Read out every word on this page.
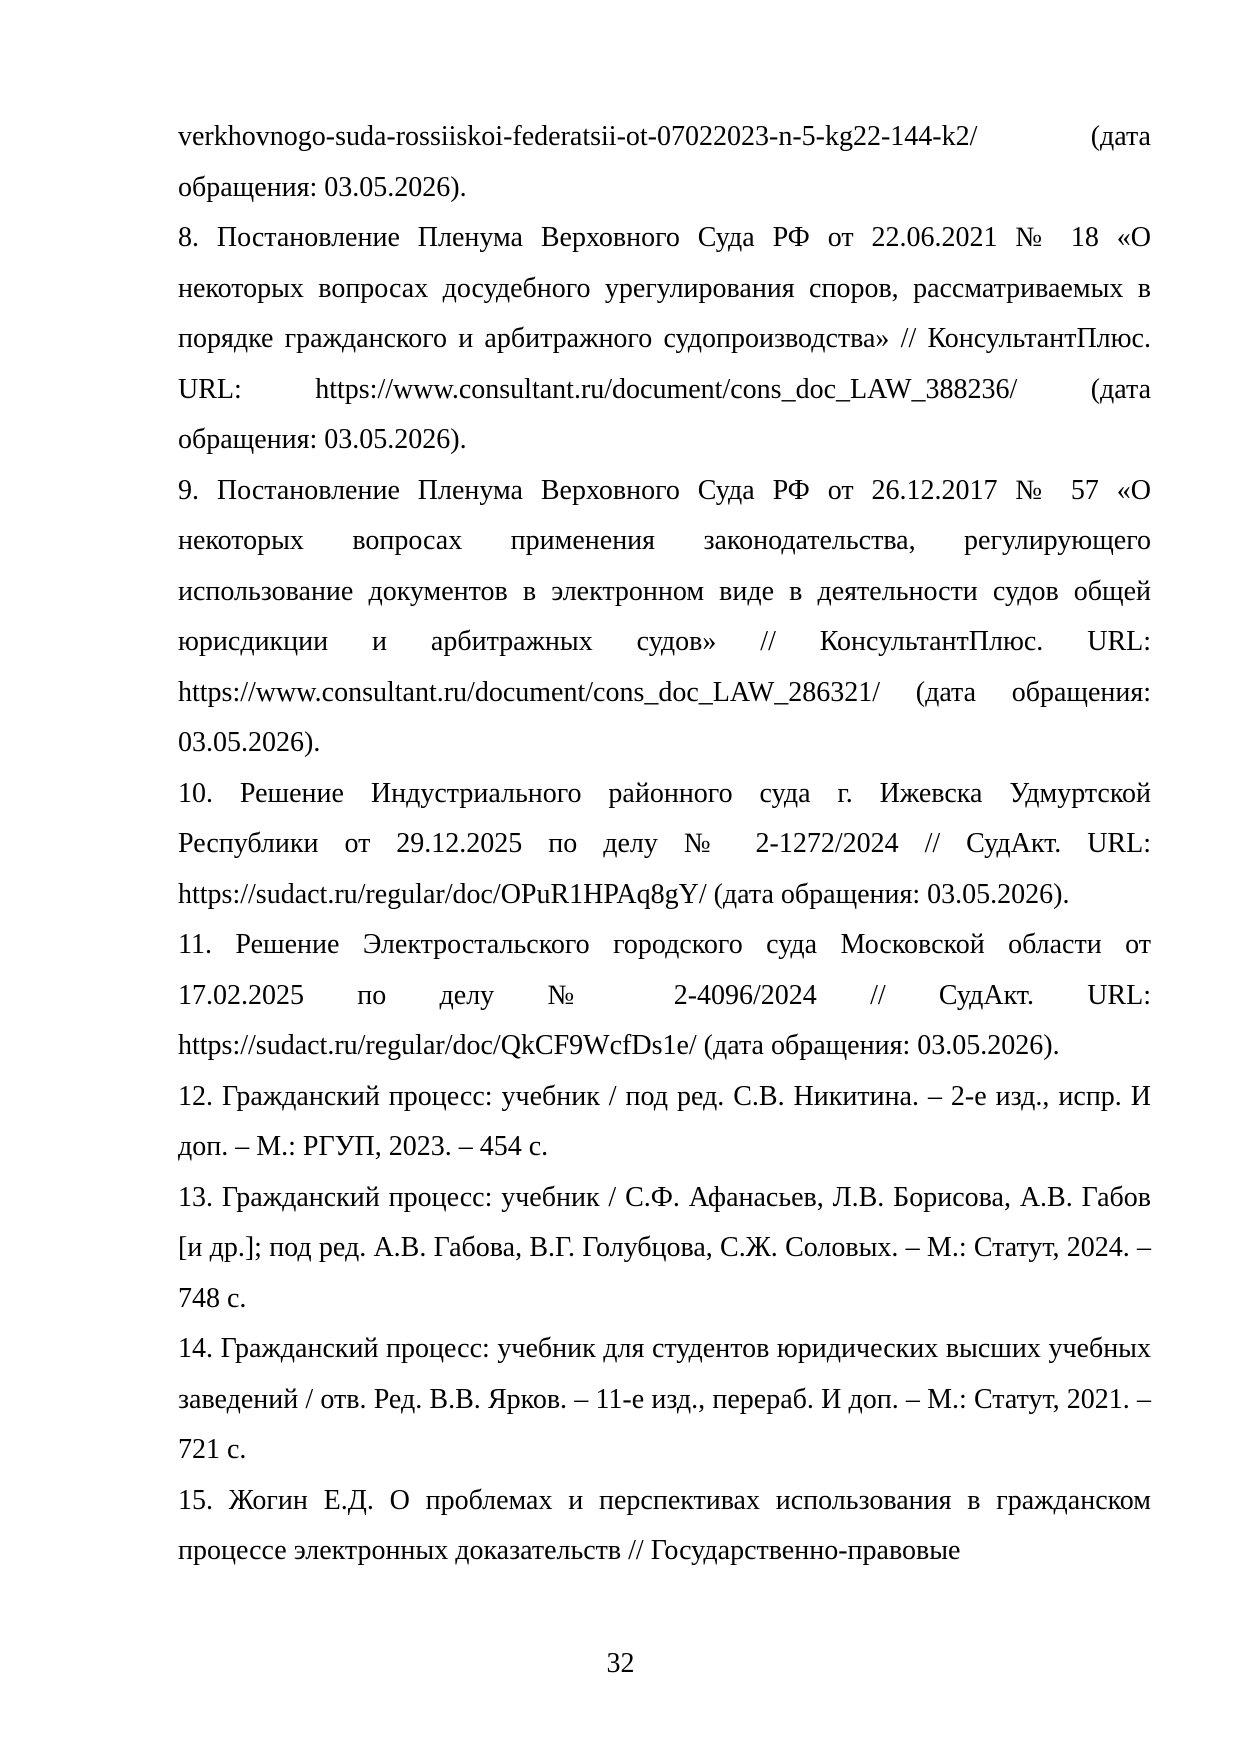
verkhovnogo-suda-rossiiskoi-federatsii-ot-07022023-n-5-kg22-144-k2/ (дата обращения: 03.05.2026).

8. Постановление Пленума Верховного Суда РФ от 22.06.2021 № 18 «О некоторых вопросах досудебного урегулирования споров, рассматриваемых в порядке гражданского и арбитражного судопроизводства» // КонсультантПлюс. URL: https://www.consultant.ru/document/cons_doc_LAW_388236/ (дата обращения: 03.05.2026).

9. Постановление Пленума Верховного Суда РФ от 26.12.2017 № 57 «О некоторых вопросах применения законодательства, регулирующего использование документов в электронном виде в деятельности судов общей юрисдикции и арбитражных судов» // КонсультантПлюс. URL: https://www.consultant.ru/document/cons_doc_LAW_286321/ (дата обращения: 03.05.2026).

10. Решение Индустриального районного суда г. Ижевска Удмуртской Республики от 29.12.2025 по делу № 2-1272/2024 // СудАкт. URL: https://sudact.ru/regular/doc/OPuR1HPAq8gY/ (дата обращения: 03.05.2026).

11. Решение Электростальского городского суда Московской области от 17.02.2025 по делу № 2-4096/2024 // СудАкт. URL: https://sudact.ru/regular/doc/QkCF9WcfDs1e/ (дата обращения: 03.05.2026).

12. Гражданский процесс: учебник / под ред. С.В. Никитина. – 2-е изд., испр. И доп. – М.: РГУП, 2023. – 454 с.

13. Гражданский процесс: учебник / С.Ф. Афанасьев, Л.В. Борисова, А.В. Габов [и др.]; под ред. А.В. Габова, В.Г. Голубцова, С.Ж. Соловых. – М.: Статут, 2024. – 748 с.

14. Гражданский процесс: учебник для студентов юридических высших учебных заведений / отв. Ред. В.В. Ярков. – 11-е изд., перераб. И доп. – М.: Статут, 2021. – 721 с.

15. Жогин Е.Д. О проблемах и перспективах использования в гражданском процессе электронных доказательств // Государственно-правовые

32
